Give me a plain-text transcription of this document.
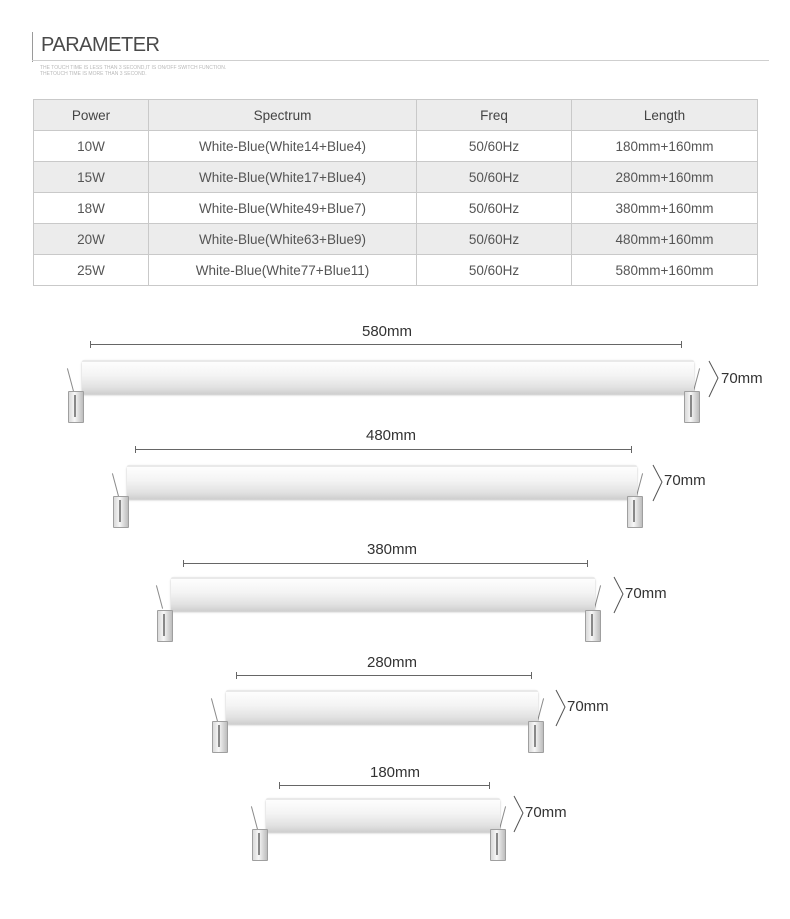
PARAMETER
THE TOUCH TIME IS LESS THAN 3 SECOND,IT IS ON/OFF SWITCH FUNCTION.
THETOUCH TIME IS MORE THAN 3 SECOND.
Power	Spectrum	Freq	Length
10W	White-Blue(White14+Blue4)	50/60Hz	180mm+160mm
15W	White-Blue(White17+Blue4)	50/60Hz	280mm+160mm
18W	White-Blue(White49+Blue7)	50/60Hz	380mm+160mm
20W	White-Blue(White63+Blue9)	50/60Hz	480mm+160mm
25W	White-Blue(White77+Blue11)	50/60Hz	580mm+160mm
580mm
70mm
480mm
70mm
380mm
70mm
280mm
70mm
180mm
70mm
